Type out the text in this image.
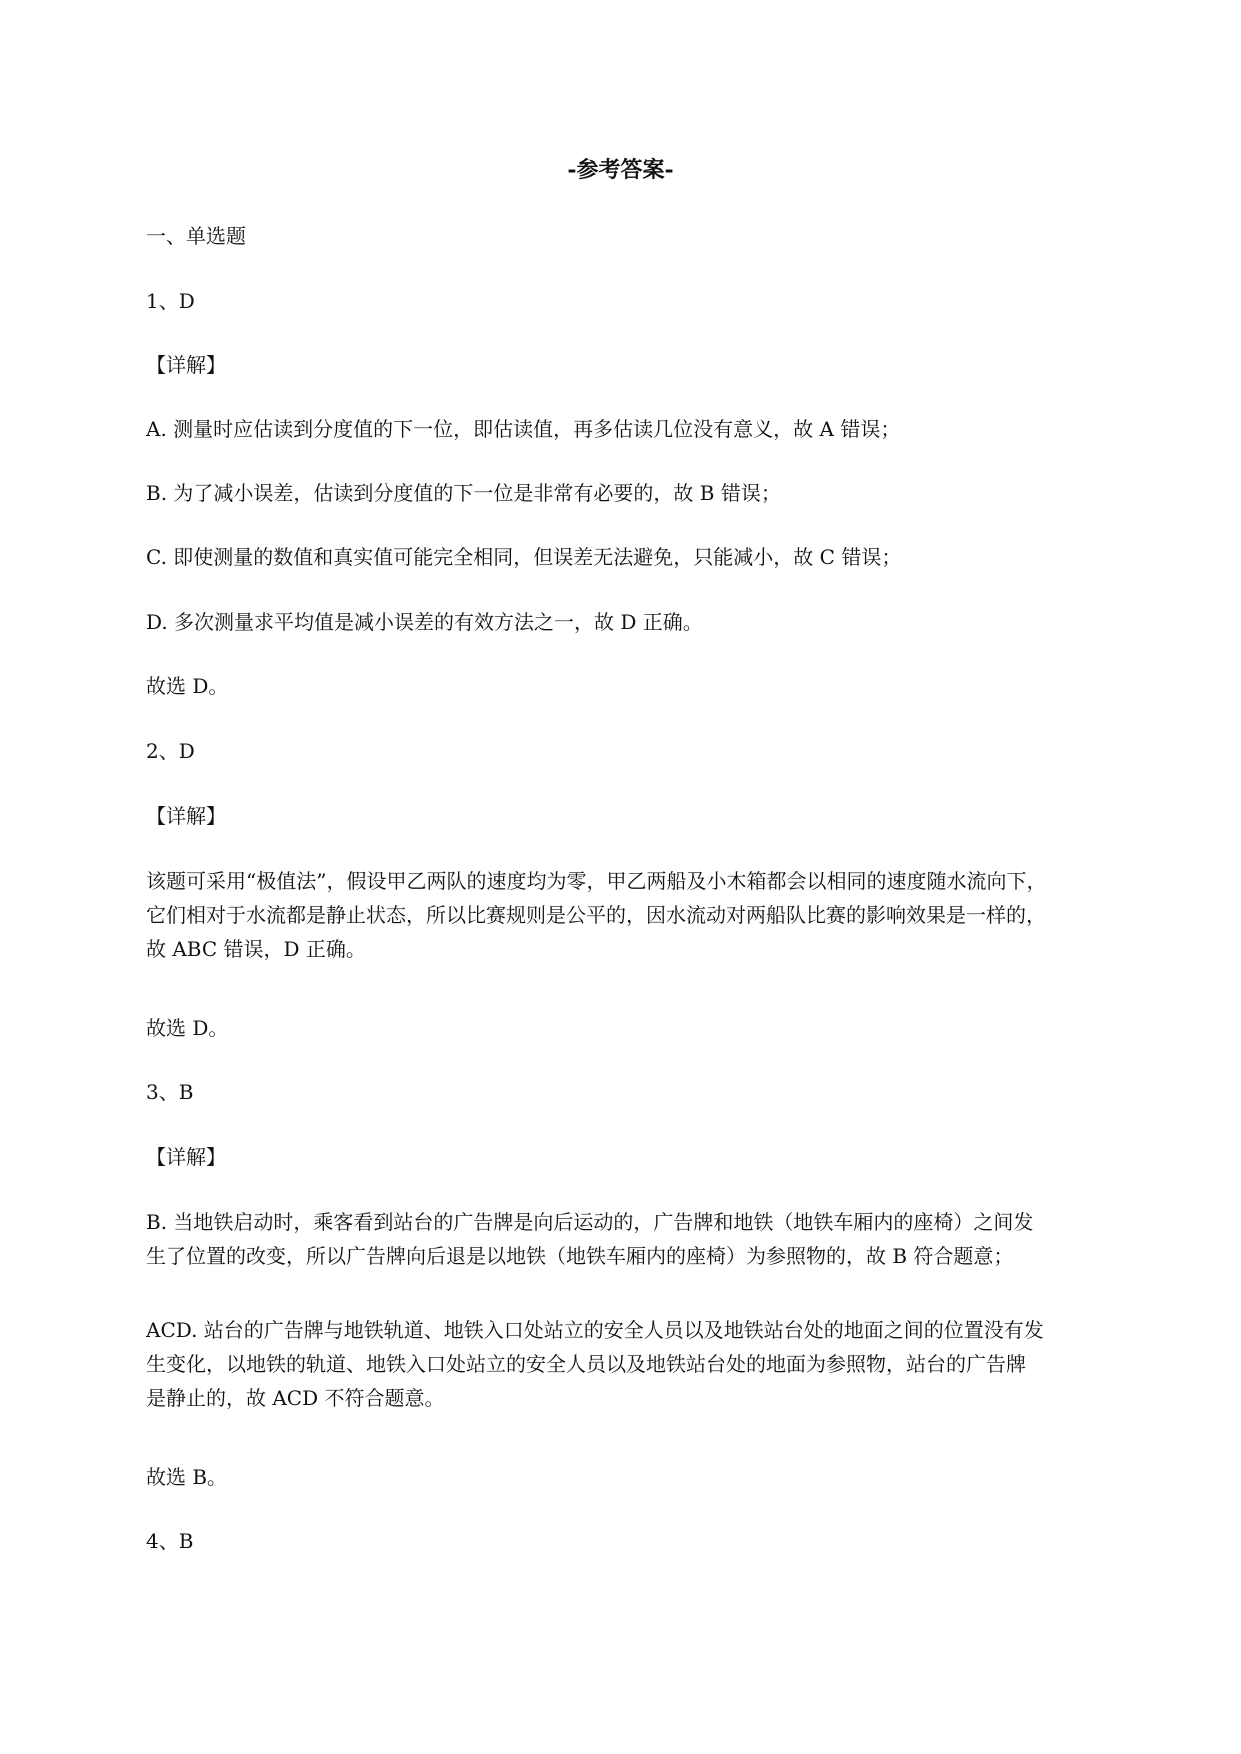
-参考答案-
一、单选题
1、D
【详解】
A. 测量时应估读到分度值的下一位，即估读值，再多估读几位没有意义，故 A 错误；
B. 为了减小误差，估读到分度值的下一位是非常有必要的，故 B 错误；
C. 即使测量的数值和真实值可能完全相同，但误差无法避免，只能减小，故 C 错误；
D. 多次测量求平均值是减小误差的有效方法之一，故 D 正确。
故选 D。
2、D
【详解】
该题可采用“极值法”，假设甲乙两队的速度均为零，甲乙两船及小木箱都会以相同的速度随水流向下，
它们相对于水流都是静止状态，所以比赛规则是公平的，因水流动对两船队比赛的影响效果是一样的，
故 ABC 错误，D 正确。
故选 D。
3、B
【详解】
B. 当地铁启动时，乘客看到站台的广告牌是向后运动的，广告牌和地铁（地铁车厢内的座椅）之间发
生了位置的改变，所以广告牌向后退是以地铁（地铁车厢内的座椅）为参照物的，故 B 符合题意；
ACD. 站台的广告牌与地铁轨道、地铁入口处站立的安全人员以及地铁站台处的地面之间的位置没有发
生变化，以地铁的轨道、地铁入口处站立的安全人员以及地铁站台处的地面为参照物，站台的广告牌
是静止的，故 ACD 不符合题意。
故选 B。
4、B
